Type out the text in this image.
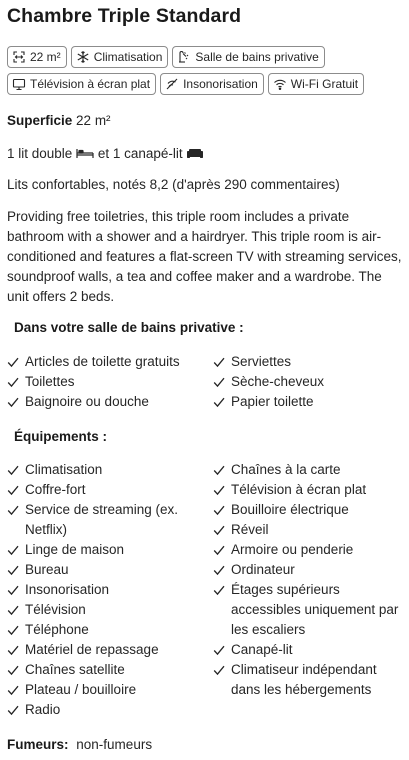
Chambre Triple Standard
22 m²	Climatisation	Salle de bains privative
Télévision à écran plat	Insonorisation	Wi-Fi Gratuit
Superficie 22 m²
1 lit double et 1 canapé-lit
Lits confortables, notés 8,2 (d'après 290 commentaires)
Providing free toiletries, this triple room includes a private bathroom with a shower and a hairdryer. This triple room is air-conditioned and features a flat-screen TV with streaming services, soundproof walls, a tea and coffee maker and a wardrobe. The unit offers 2 beds.
Dans votre salle de bains privative :
Articles de toilette gratuits
Toilettes
Baignoire ou douche
Serviettes
Sèche-cheveux
Papier toilette
Équipements :
Climatisation
Coffre-fort
Service de streaming (ex. Netflix)
Linge de maison
Bureau
Insonorisation
Télévision
Téléphone
Matériel de repassage
Chaînes satellite
Plateau / bouilloire
Radio
Chaînes à la carte
Télévision à écran plat
Bouilloire électrique
Réveil
Armoire ou penderie
Ordinateur
Étages supérieurs accessibles uniquement par les escaliers
Canapé-lit
Climatiseur indépendant dans les hébergements
Fumeurs: non-fumeurs
